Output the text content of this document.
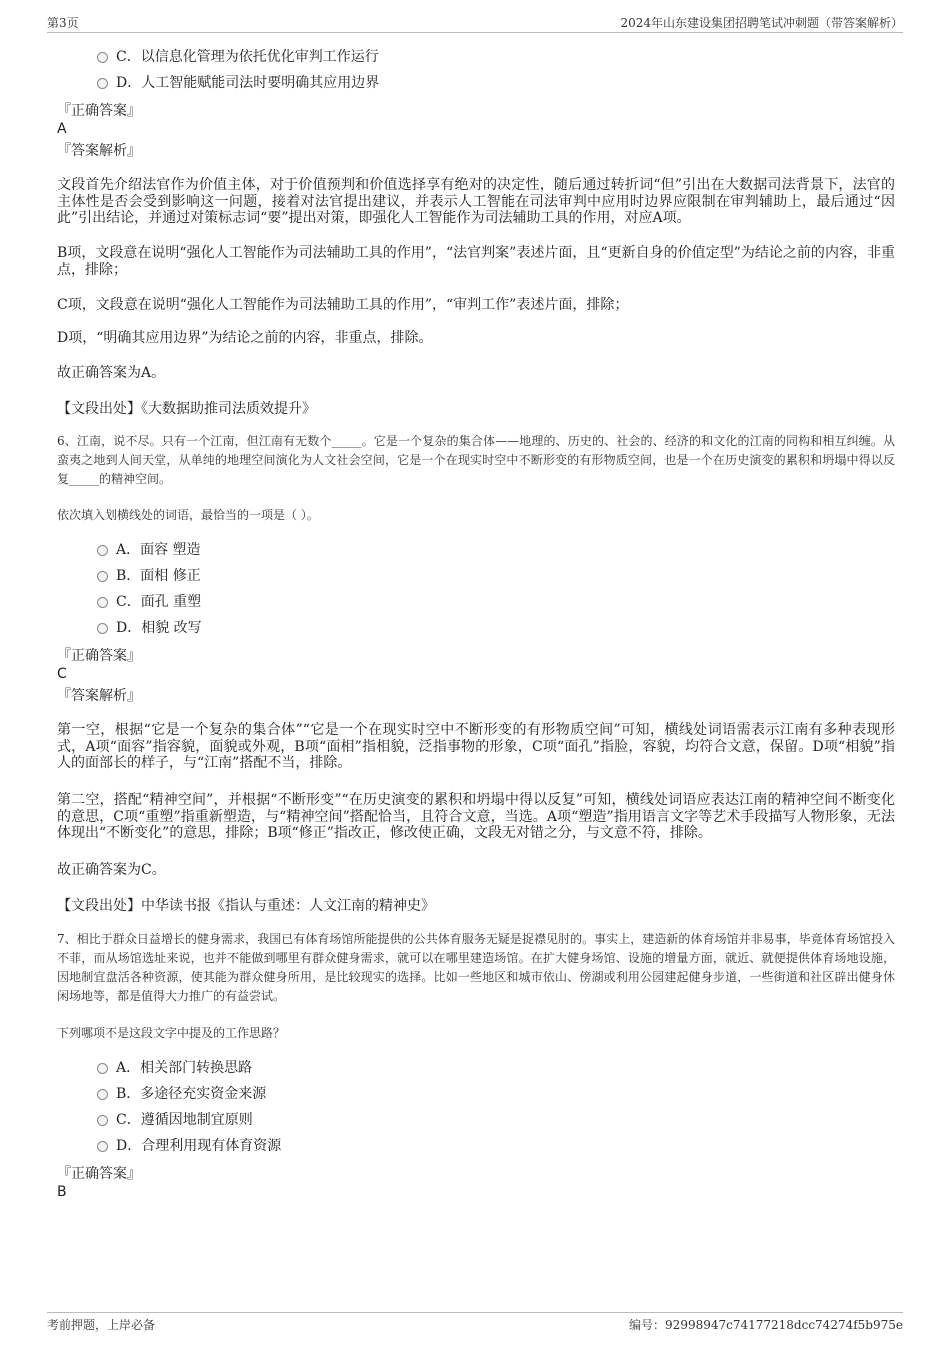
第3页	2024年山东建设集团招聘笔试冲刺题（带答案解析）
C．以信息化管理为依托优化审判工作运行
D．人工智能赋能司法时要明确其应用边界
『正确答案』
A
『答案解析』
文段首先介绍法官作为价值主体，对于价值预判和价值选择享有绝对的决定性，随后通过转折词“但”引出在大数据司法背景下，法官的主体性是否会受到影响这一问题，接着对法官提出建议，并表示人工智能在司法审判中应用时边界应限制在审判辅助上，最后通过“因此”引出结论，并通过对策标志词“要”提出对策，即强化人工智能作为司法辅助工具的作用，对应A项。
B项，文段意在说明“强化人工智能作为司法辅助工具的作用”，“法官判案”表述片面，且“更新自身的价值定型”为结论之前的内容，非重点，排除；
C项，文段意在说明“强化人工智能作为司法辅助工具的作用”，“审判工作”表述片面，排除；
D项，“明确其应用边界”为结论之前的内容，非重点，排除。
故正确答案为A。
【文段出处】《大数据助推司法质效提升》
6、江南，说不尽。只有一个江南，但江南有无数个_____。它是一个复杂的集合体——地理的、历史的、社会的、经济的和文化的江南的同构和相互纠缠。从蛮夷之地到人间天堂，从单纯的地理空间演化为人文社会空间，它是一个在现实时空中不断形变的有形物质空间，也是一个在历史演变的累积和坍塌中得以反复_____的精神空间。
依次填入划横线处的词语，最恰当的一项是（ ）。
A．面容 塑造
B．面相 修正
C．面孔 重塑
D．相貌 改写
『正确答案』
C
『答案解析』
第一空，根据“它是一个复杂的集合体”“它是一个在现实时空中不断形变的有形物质空间”可知，横线处词语需表示江南有多种表现形式，A项“面容”指容貌，面貌或外观，B项“面相”指相貌，泛指事物的形象，C项“面孔”指脸，容貌，均符合文意，保留。D项“相貌”指人的面部长的样子，与“江南”搭配不当，排除。
第二空，搭配“精神空间”，并根据“不断形变”“在历史演变的累积和坍塌中得以反复”可知，横线处词语应表达江南的精神空间不断变化的意思，C项“重塑”指重新塑造，与“精神空间”搭配恰当，且符合文意，当选。A项“塑造”指用语言文字等艺术手段描写人物形象，无法体现出“不断变化”的意思，排除；B项“修正”指改正，修改使正确，文段无对错之分，与文意不符，排除。
故正确答案为C。
【文段出处】中华读书报《指认与重述：人文江南的精神史》
7、相比于群众日益增长的健身需求，我国已有体育场馆所能提供的公共体育服务无疑是捉襟见肘的。事实上，建造新的体育场馆并非易事，毕竟体育场馆投入不菲，而从场馆选址来说，也并不能做到哪里有群众健身需求，就可以在哪里建造场馆。在扩大健身场馆、设施的增量方面，就近、就便提供体育场地设施，因地制宜盘活各种资源，使其能为群众健身所用，是比较现实的选择。比如一些地区和城市依山、傍湖或利用公园建起健身步道，一些街道和社区辟出健身休闲场地等，都是值得大力推广的有益尝试。
下列哪项不是这段文字中提及的工作思路？
A．相关部门转换思路
B．多途径充实资金来源
C．遵循因地制宜原则
D．合理利用现有体育资源
『正确答案』
B
考前押题，上岸必备	编号：92998947c74177218dcc74274f5b975e
